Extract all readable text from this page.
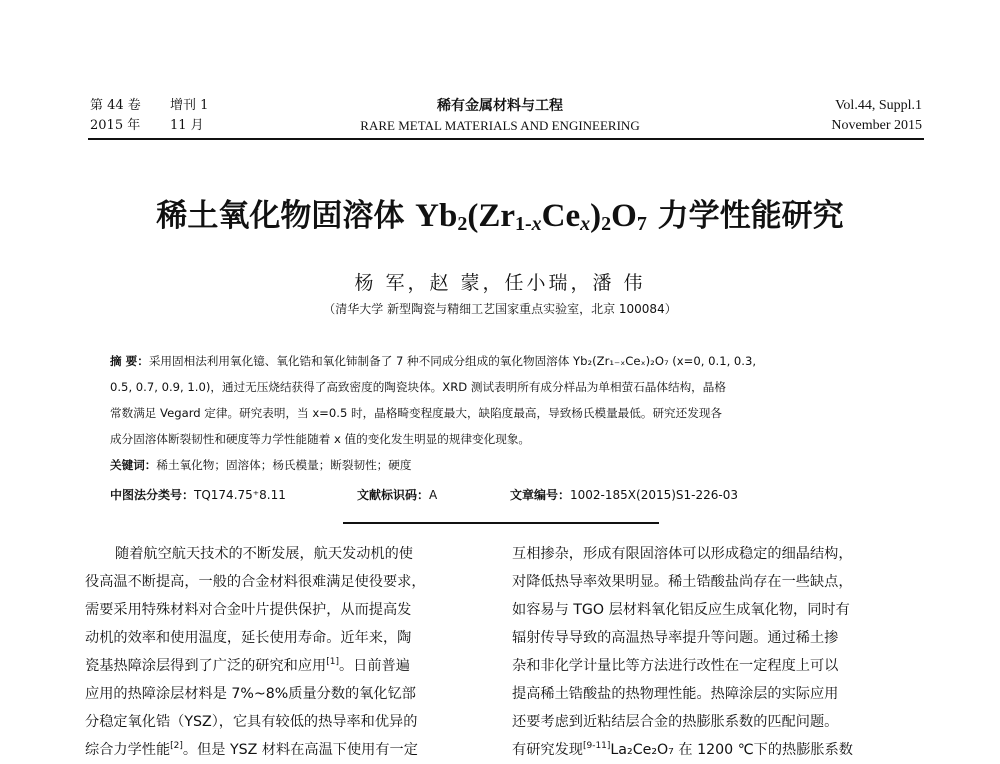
第 44 卷
2015 年
增刊 1
11 月
稀有金属材料与工程
RARE METAL MATERIALS AND ENGINEERING
Vol.44, Suppl.1
November 2015
稀土氧化物固溶体 $Yb_2(Zr_{1-x}Ce_x)_2O_7$ 力学性能研究
杨 军，赵 蒙，任小瑞，潘 伟
（清华大学 新型陶瓷与精细工艺国家重点实验室，北京 100084）
摘 要：采用固相法利用氧化镱、氧化锆和氧化铈制备了 7 种不同成分组成的氧化物固溶体 Yb₂(Zr₁₋ₓCeₓ)₂O₇ (x=0, 0.1, 0.3,
0.5, 0.7, 0.9, 1.0)，通过无压烧结获得了高致密度的陶瓷块体。XRD 测试表明所有成分样品为单相萤石晶体结构，晶格
常数满足 Vegard 定律。研究表明，当 x=0.5 时，晶格畸变程度最大，缺陷度最高，导致杨氏模量最低。研究还发现各
成分固溶体断裂韧性和硬度等力学性能随着 x 值的变化发生明显的规律变化现象。
关键词：稀土氧化物；固溶体；杨氏模量；断裂韧性；硬度
中图法分类号：TQ174.75⁺8.11	文献标识码：A	文章编号：1002-185X(2015)S1-226-03
随着航空航天技术的不断发展，航天发动机的使
役高温不断提高，一般的合金材料很难满足使役要求，
需要采用特殊材料对合金叶片提供保护，从而提高发
动机的效率和使用温度，延长使用寿命。近年来，陶
瓷基热障涂层得到了广泛的研究和应用[1]。日前普遍
应用的热障涂层材料是 7%~8%质量分数的氧化钇部
分稳定氧化锆（YSZ），它具有较低的热导率和优异的
综合力学性能[2]。但是 YSZ 材料在高温下使用有一定
互相掺杂，形成有限固溶体可以形成稳定的细晶结构，
对降低热导率效果明显。稀土锆酸盐尚存在一些缺点，
如容易与 TGO 层材料氧化铝反应生成氧化物，同时有
辐射传导导致的高温热导率提升等问题。通过稀土掺
杂和非化学计量比等方法进行改性在一定程度上可以
提高稀土锆酸盐的热物理性能。热障涂层的实际应用
还要考虑到近粘结层合金的热膨胀系数的匹配问题。
有研究发现[9-11]La₂Ce₂O₇ 在 1200 ℃下的热膨胀系数
